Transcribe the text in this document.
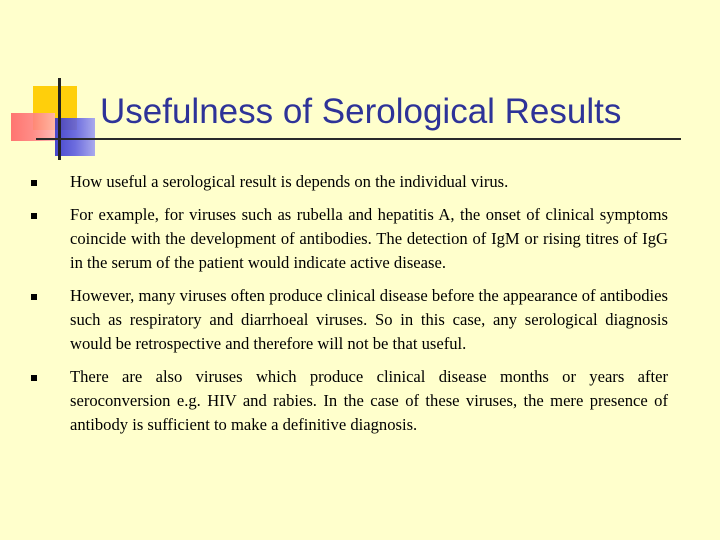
Usefulness of Serological Results
How useful a serological result is depends on the individual virus.
For example, for viruses such as rubella and hepatitis A, the onset of clinical symptoms coincide with the development of antibodies. The detection of IgM or rising titres of IgG in the serum of the patient would indicate active disease.
However, many viruses often produce clinical disease before the appearance of antibodies such as respiratory and diarrhoeal viruses. So in this case, any serological diagnosis would be retrospective and therefore will not be that useful.
There are also viruses which produce clinical disease months or years after seroconversion e.g. HIV and rabies. In the case of these viruses, the mere presence of antibody is sufficient to make a definitive diagnosis.
